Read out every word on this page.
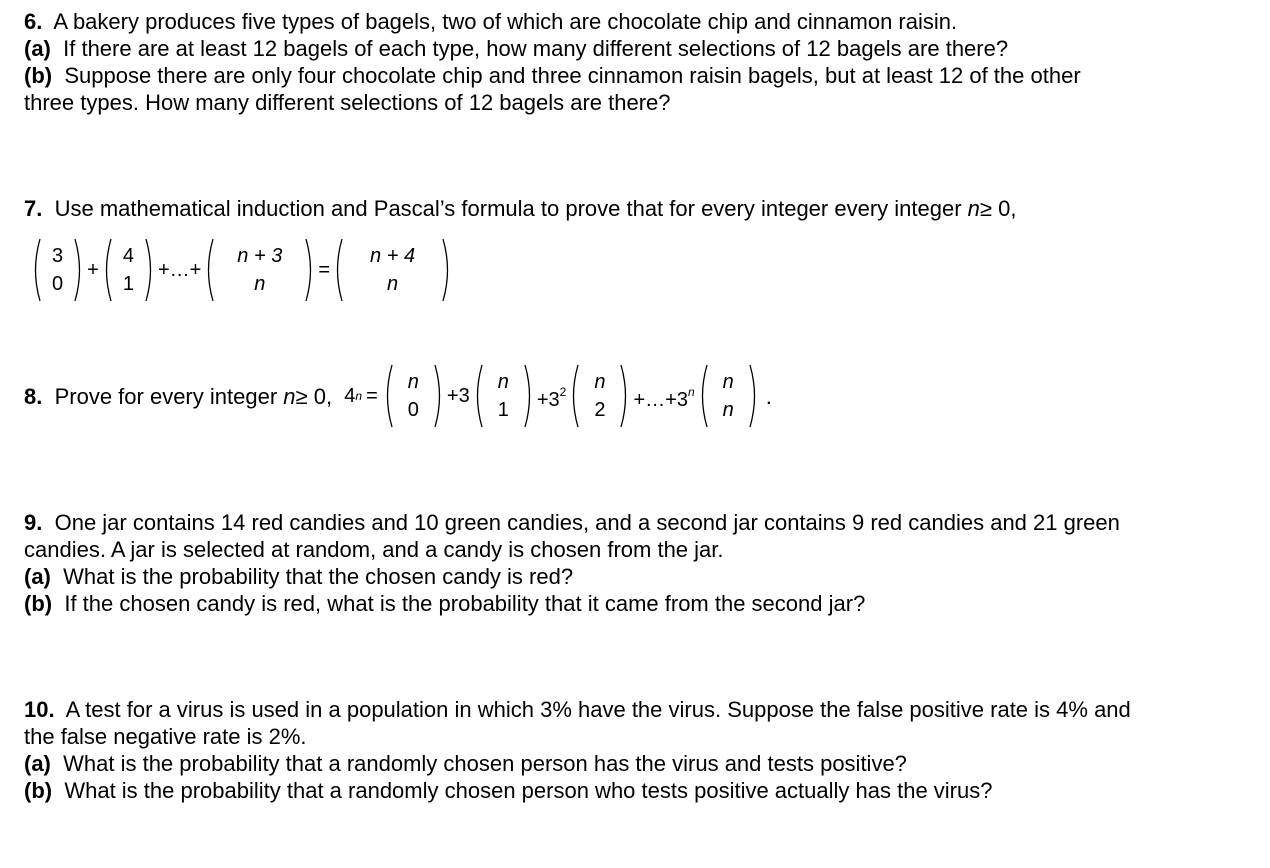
6. A bakery produces five types of bagels, two of which are chocolate chip and cinnamon raisin.
(a) If there are at least 12 bagels of each type, how many different selections of 12 bagels are there?
(b) Suppose there are only four chocolate chip and three cinnamon raisin bagels, but at least 12 of the other
three types. How many different selections of 12 bagels are there?
7. Use mathematical induction and Pascal’s formula to prove that for every integer every integer n≥ 0,
3
0
+
4
1
+…+
n + 3
n
=
n + 4
n
8.
Prove for every integer
n ≥ 0,
4 n =
n
0
+3
n
$1 +3^2$ n
$2 +\dots+3^n$ n
n
.
9. One jar contains 14 red candies and 10 green candies, and a second jar contains 9 red candies and 21 green
candies. A jar is selected at random, and a candy is chosen from the jar.
(a) What is the probability that the chosen candy is red?
(b) If the chosen candy is red, what is the probability that it came from the second jar?
10. A test for a virus is used in a population in which 3% have the virus. Suppose the false positive rate is 4% and
the false negative rate is 2%.
(a) What is the probability that a randomly chosen person has the virus and tests positive?
(b) What is the probability that a randomly chosen person who tests positive actually has the virus?
